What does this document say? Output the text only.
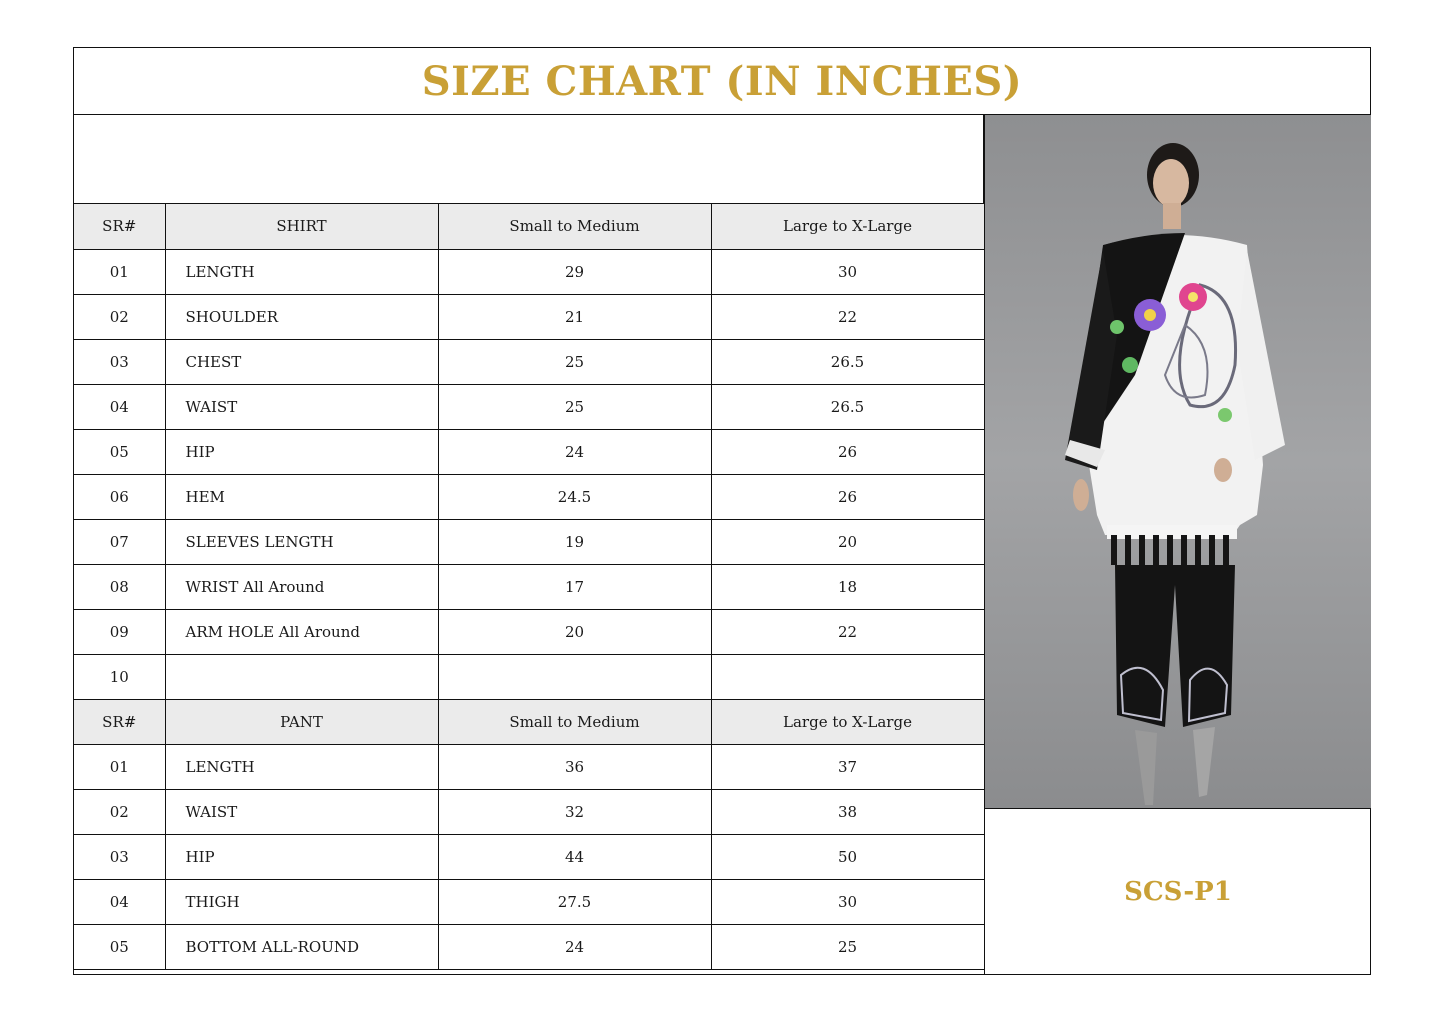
SIZE CHART (IN INCHES)
SR#	SHIRT	Small to Medium	Large to X-Large
01	LENGTH	29	30
02	SHOULDER	21	22
03	CHEST	25	26.5
04	WAIST	25	26.5
05	HIP	24	26
06	HEM	24.5	26
07	SLEEVES LENGTH	19	20
08	WRIST All Around	17	18
09	ARM HOLE All Around	20	22
10			
SR#	PANT	Small to Medium	Large to X-Large
01	LENGTH	36	37
02	WAIST	32	38
03	HIP	44	50
04	THIGH	27.5	30
05	BOTTOM ALL-ROUND	24	25
SCS-P1
